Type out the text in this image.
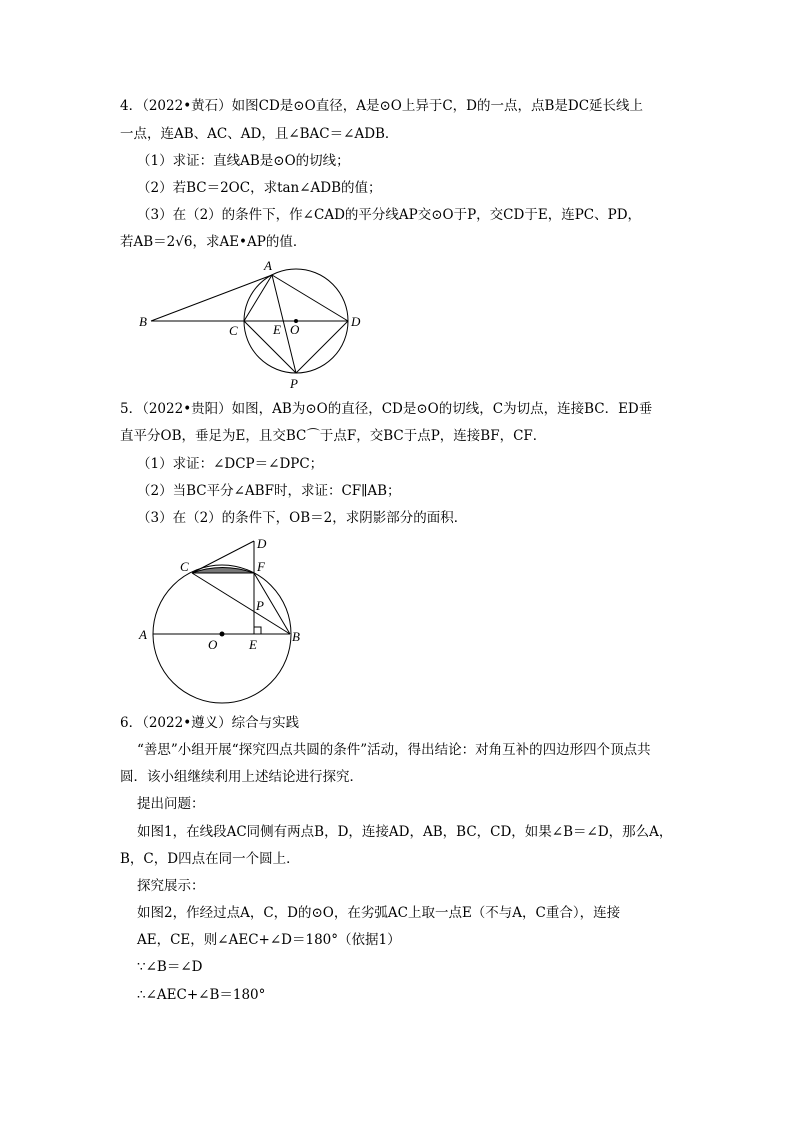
4．（2022•黄石）如图CD是⊙O直径，A是⊙O上异于C，D的一点，点B是DC延长线上
一点，连AB、AC、AD，且∠BAC＝∠ADB．
（1）求证：直线AB是⊙O的切线；
（2）若BC＝2OC，求tan∠ADB的值；
（3）在（2）的条件下，作∠CAD的平分线AP交⊙O于P，交CD于E，连PC、PD，
若AB＝2√6，求AE•AP的值．
A
B
C
D
E O
P
5．（2022•贵阳）如图，AB为⊙O的直径，CD是⊙O的切线，C为切点，连接BC．ED垂
直平分OB，垂足为E，且交BC⌒于点F，交BC于点P，连接BF，CF．
（1）求证：∠DCP＝∠DPC；
（2）当BC平分∠ABF时，求证：CF∥AB；
（3）在（2）的条件下，OB＝2，求阴影部分的面积．
A	B
C
D
E
F
O
P
6．（2022•遵义）综合与实践
“善思”小组开展“探究四点共圆的条件”活动，得出结论：对角互补的四边形四个顶点共
圆．该小组继续利用上述结论进行探究．
提出问题：
如图1，在线段AC同侧有两点B，D，连接AD，AB，BC，CD，如果∠B＝∠D，那么A，
B，C，D四点在同一个圆上．
探究展示：
如图2，作经过点A，C，D的⊙O，在劣弧AC上取一点E（不与A，C重合），连接
AE，CE，则∠AEC+∠D＝180°（依据1）
∵∠B＝∠D
∴∠AEC+∠B＝180°
